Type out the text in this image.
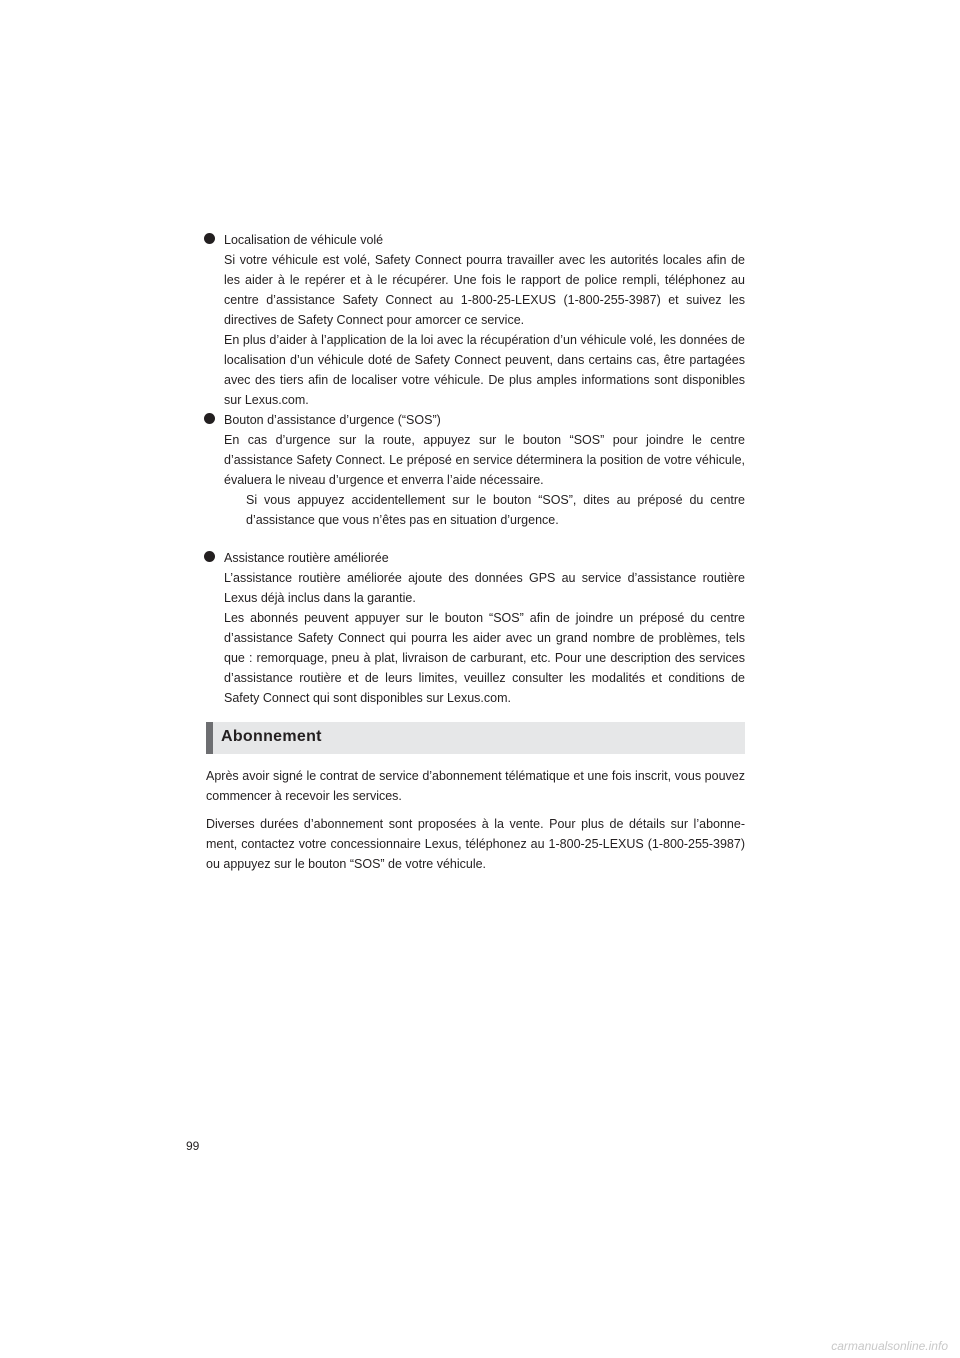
Localisation de véhicule volé
Si votre véhicule est volé, Safety Connect pourra travailler avec les autorités locales afin de les aider à le repérer et à le récupérer. Une fois le rapport de police rempli, téléphonez au centre d’assistance Safety Connect au 1-800-25-LEXUS (1-800-255-3987) et suivez les directives de Safety Connect pour amorcer ce service.
En plus d’aider à l’application de la loi avec la récupération d’un véhicule volé, les données de localisation d’un véhicule doté de Safety Connect peuvent, dans certains cas, être partagées avec des tiers afin de localiser votre véhicule. De plus amples informations sont disponibles sur Lexus.com.
Bouton d’assistance d’urgence (“SOS”)
En cas d’urgence sur la route, appuyez sur le bouton “SOS” pour joindre le centre d’assistance Safety Connect. Le préposé en service déterminera la position de votre véhicule, évaluera le niveau d’urgence et enverra l’aide nécessaire.
Si vous appuyez accidentellement sur le bouton “SOS”, dites au préposé du centre d’assistance que vous n’êtes pas en situation d’urgence.
Assistance routière améliorée
L’assistance routière améliorée ajoute des données GPS au service d’assistance routière Lexus déjà inclus dans la garantie.
Les abonnés peuvent appuyer sur le bouton “SOS” afin de joindre un préposé du centre d’assistance Safety Connect qui pourra les aider avec un grand nombre de problèmes, tels que : remorquage, pneu à plat, livraison de carburant, etc. Pour une description des services d’assistance routière et de leurs limites, veuillez consulter les modalités et conditions de Safety Connect qui sont disponibles sur Lexus.com.
Abonnement
Après avoir signé le contrat de service d’abonnement télématique et une fois inscrit, vous pouvez commencer à recevoir les services.
Diverses durées d’abonnement sont proposées à la vente. Pour plus de détails sur l’abonnement, contactez votre concessionnaire Lexus, téléphonez au 1-800-25-LEXUS (1-800-255-3987) ou appuyez sur le bouton “SOS” de votre véhicule.
99
carmanualsonline.info
